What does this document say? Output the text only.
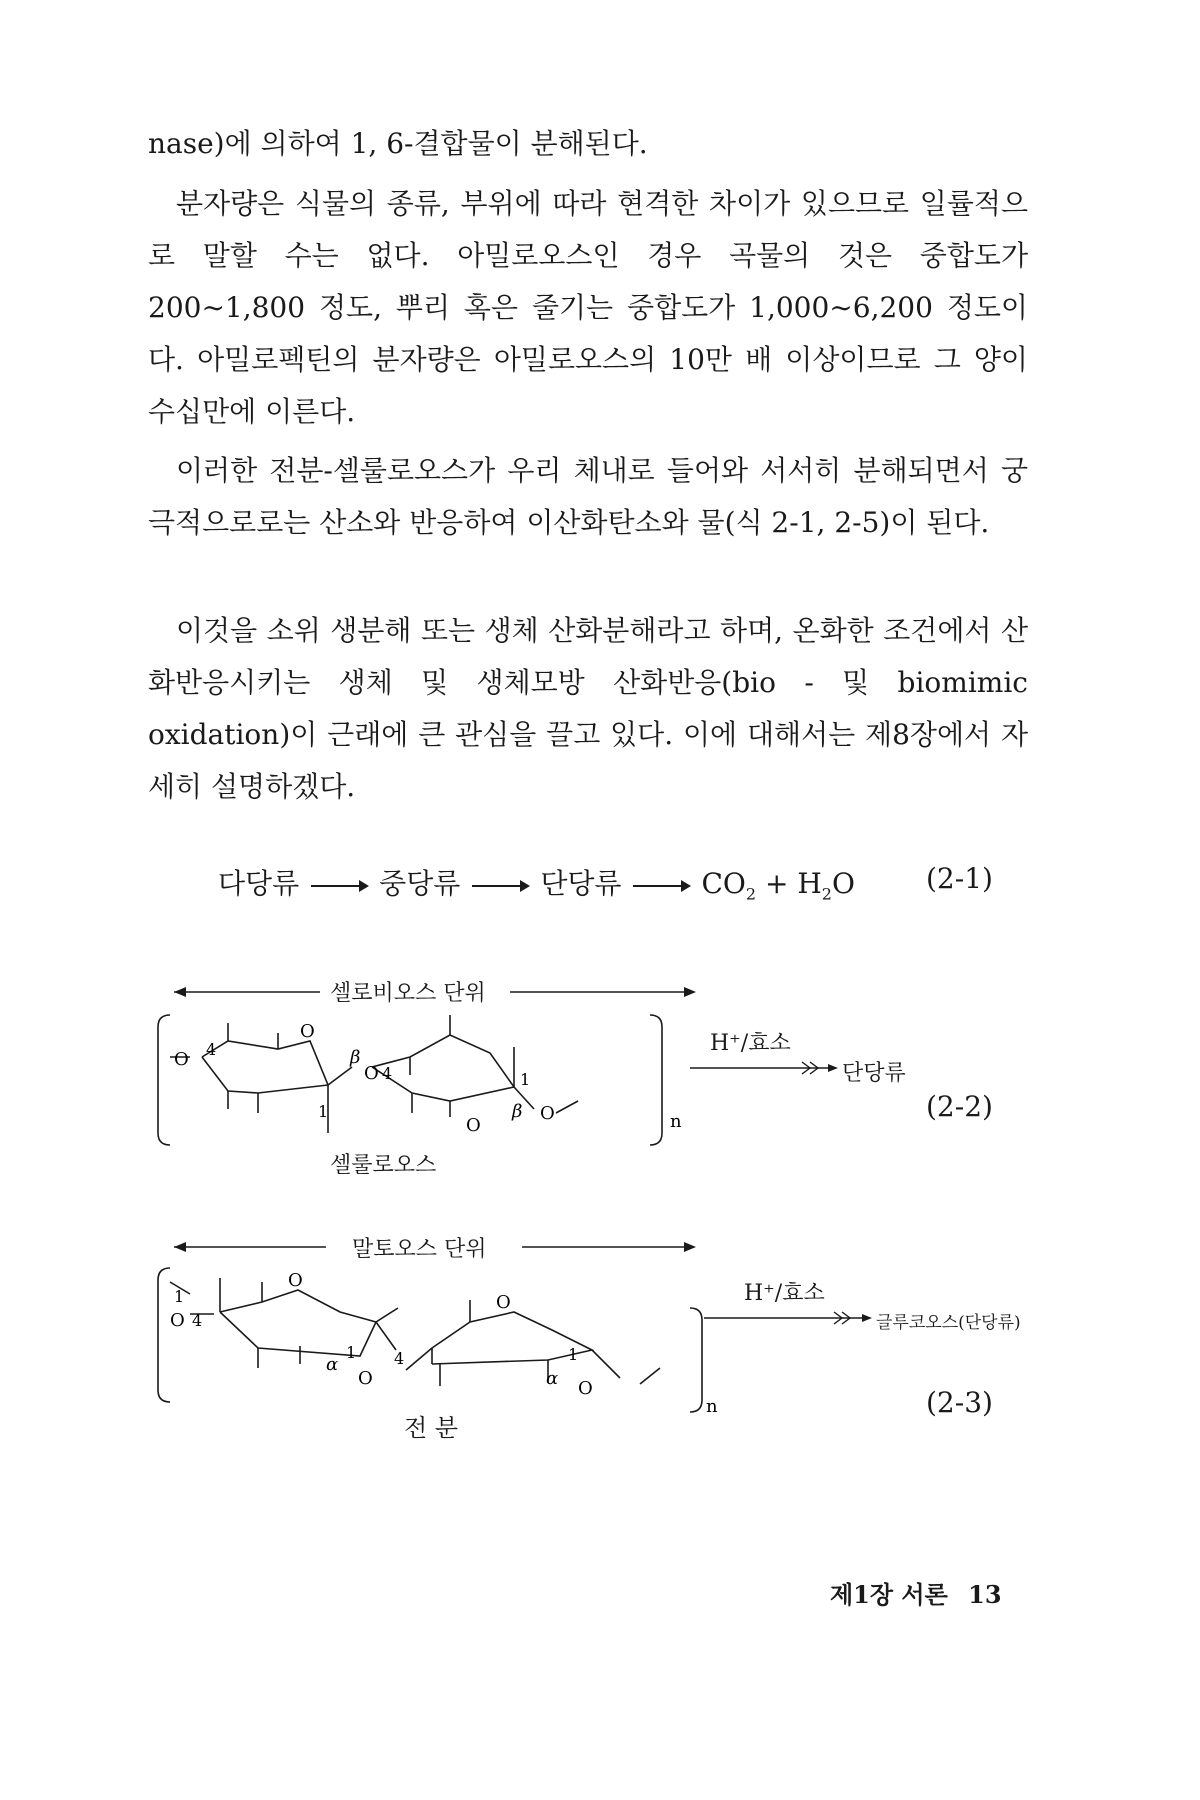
nase)에 의하여 1, 6-결합물이 분해된다.

분자량은 식물의 종류, 부위에 따라 현격한 차이가 있으므로 일률적으로 말할 수는 없다. 아밀로오스인 경우 곡물의 것은 중합도가 200∼1,800 정도, 뿌리 혹은 줄기는 중합도가 1,000∼6,200 정도이다. 아밀로펙틴의 분자량은 아밀로오스의 10만 배 이상이므로 그 양이 수십만에 이른다.

이러한 전분-셀룰로오스가 우리 체내로 들어와 서서히 분해되면서 궁극적으로로는 산소와 반응하여 이산화탄소와 물(식 2-1, 2-5)이 된다.

이것을 소위 생분해 또는 생체 산화분해라고 하며, 온화한 조건에서 산화반응시키는 생체 및 생체모방 산화반응(bio - 및 biomimic oxidation)이 근래에 큰 관심을 끌고 있다. 이에 대해서는 제8장에서 자세히 설명하겠다.

다당류 → 중당류 → 단당류 → $CO_2 + H_2O$	(2-1)
셀로비오스 단위
O 4
O
1
β
O 4
O
1
β O	n
H⁺/효소
단당류
(2-2)
셀룰로오스
말토오스 단위
1
O 4
O
α
1
O
4
O
1
α O
n
H⁺/효소
글루코오스(단당류)
(2-3)
전 분
제1장 서론 13
